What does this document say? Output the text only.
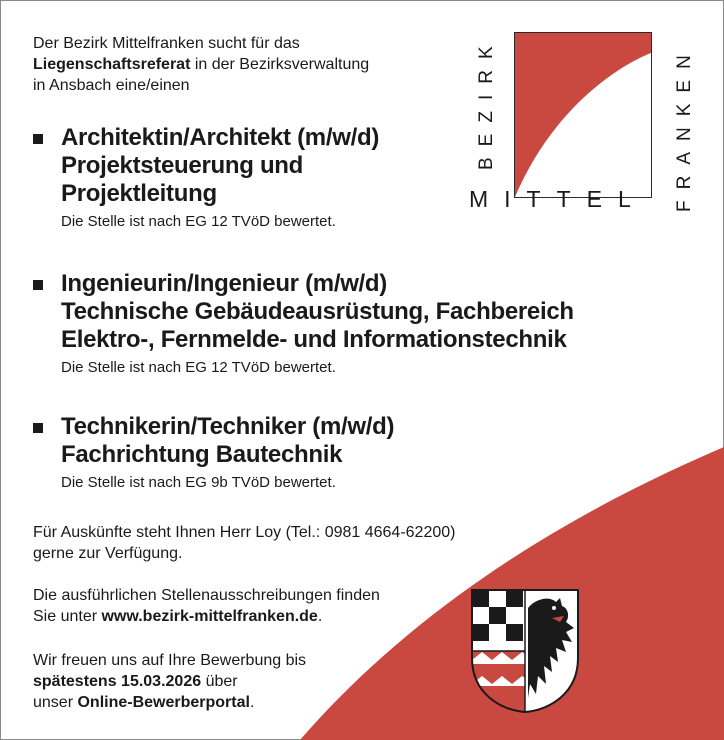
Der Bezirk Mittelfranken sucht für das
Liegenschaftsreferat in der Bezirksverwaltung
in Ansbach eine/einen
Architektin/Architekt (m/w/d)
Projektsteuerung und
Projektleitung
Die Stelle ist nach EG 12 TVöD bewertet.
Ingenieurin/Ingenieur (m/w/d)
Technische Gebäudeausrüstung, Fachbereich
Elektro-, Fernmelde- und Informationstechnik
Die Stelle ist nach EG 12 TVöD bewertet.
Technikerin/Techniker (m/w/d)
Fachrichtung Bautechnik
Die Stelle ist nach EG 9b TVöD bewertet.
Für Auskünfte steht Ihnen Herr Loy (Tel.: 0981 4664-62200)
gerne zur Verfügung.
Die ausführlichen Stellenausschreibungen finden
Sie unter www.bezirk-mittelfranken.de.
Wir freuen uns auf Ihre Bewerbung bis
spätestens 15.03.2026 über
unser Online-Bewerberportal.
BEZIRK
MITTEL FRANKEN
